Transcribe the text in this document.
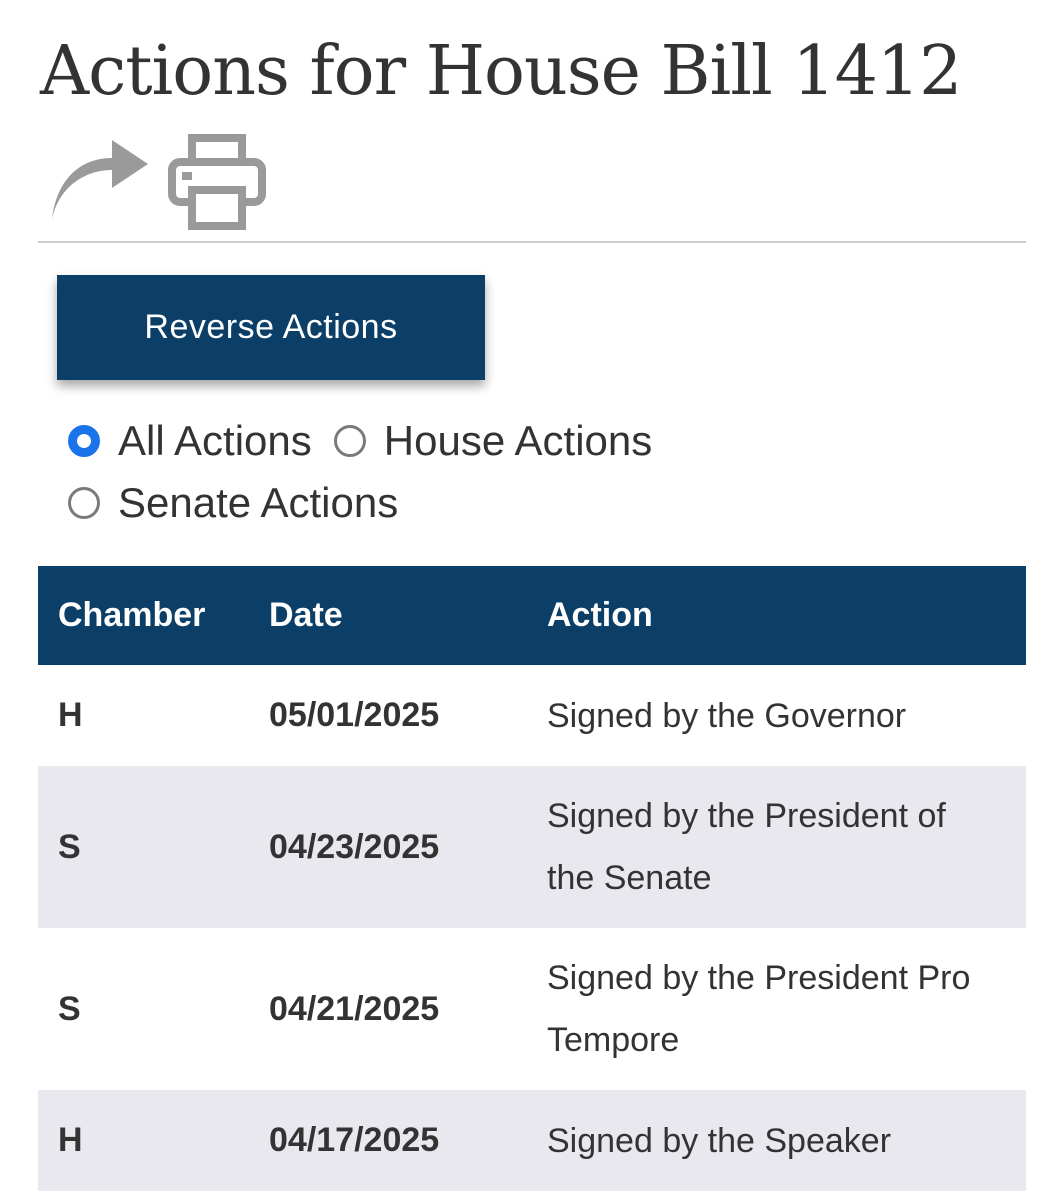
Actions for House Bill 1412
Reverse Actions
All Actions House Actions
Senate Actions
Chamber	Date	Action
H	05/01/2025	Signed by the Governor
S	04/23/2025	Signed by the President of the Senate
S	04/21/2025	Signed by the President Pro Tempore
H	04/17/2025	Signed by the Speaker
